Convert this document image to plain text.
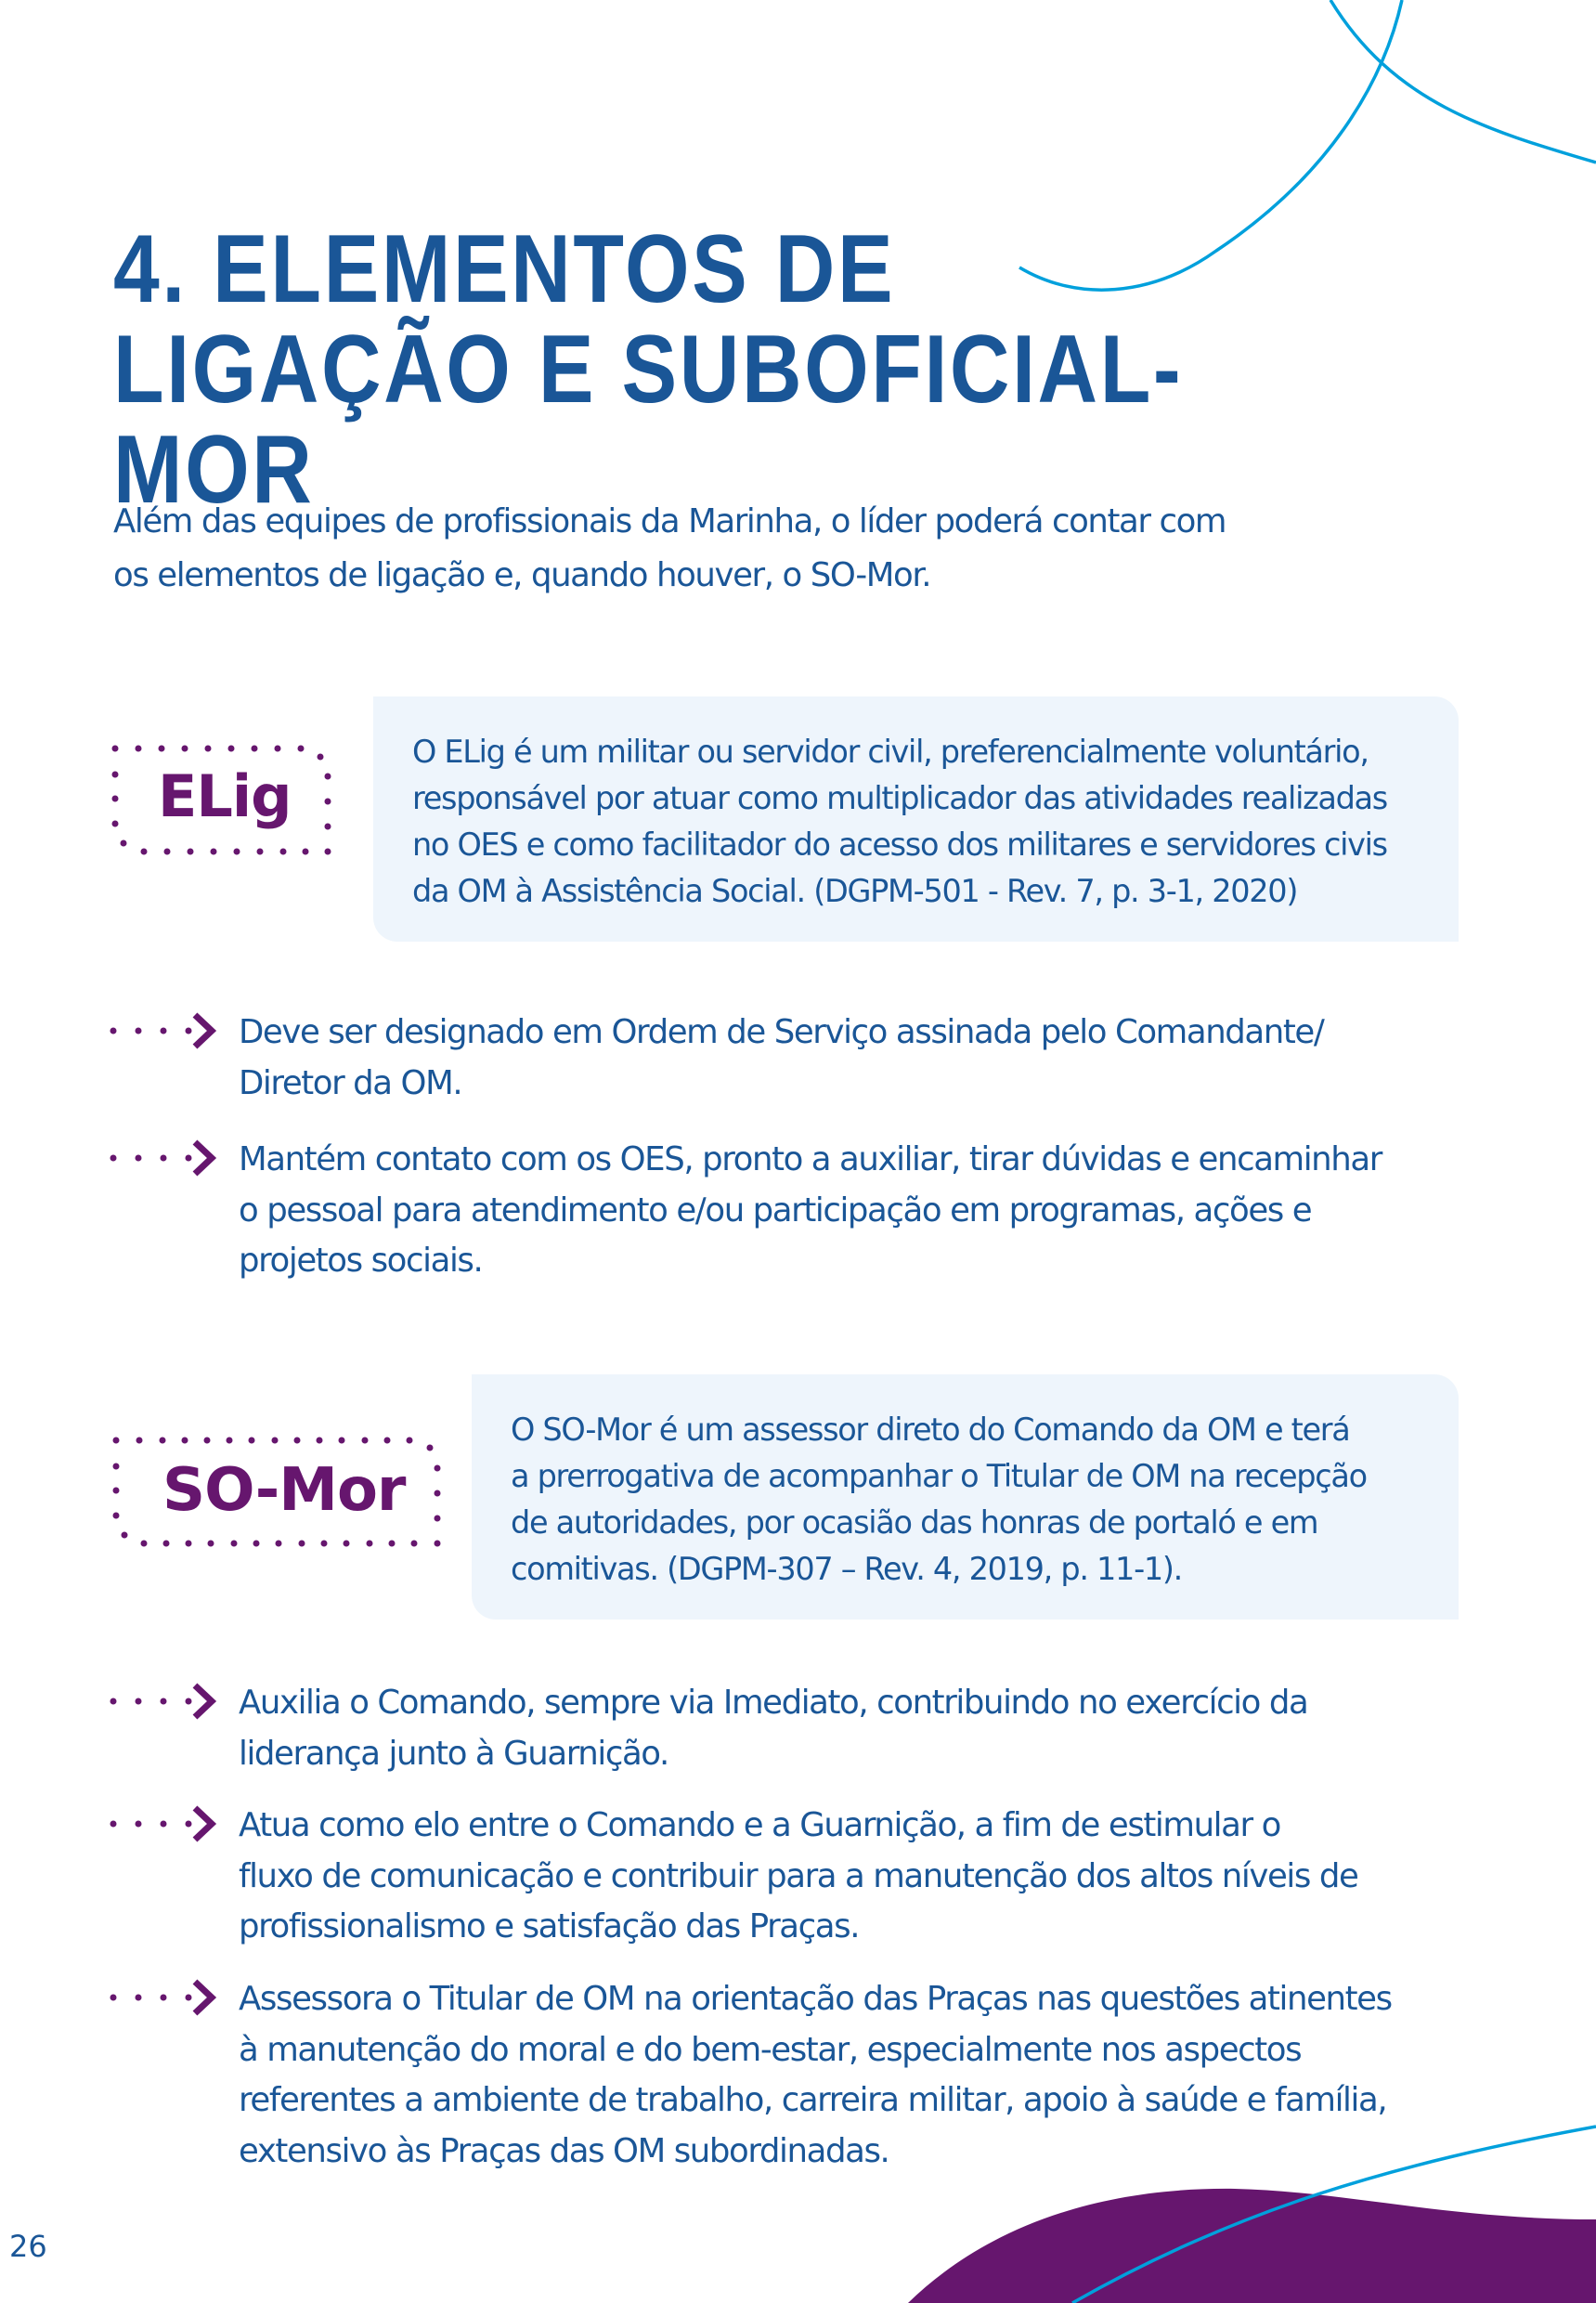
4. ELEMENTOS DE
LIGAÇÃO E SUBOFICIAL-MOR

Além das equipes de profissionais da Marinha, o líder poderá contar com
os elementos de ligação e, quando houver, o SO-Mor.

ELig
O ELig é um militar ou servidor civil, preferencialmente voluntário,
responsável por atuar como multiplicador das atividades realizadas
no OES e como facilitador do acesso dos militares e servidores civis
da OM à Assistência Social. (DGPM-501 - Rev. 7, p. 3-1, 2020)
Deve ser designado em Ordem de Serviço assinada pelo Comandante/
Diretor da OM.
Mantém contato com os OES, pronto a auxiliar, tirar dúvidas e encaminhar
o pessoal para atendimento e/ou participação em programas, ações e
projetos sociais.
SO-Mor
O SO-Mor é um assessor direto do Comando da OM e terá
a prerrogativa de acompanhar o Titular de OM na recepção
de autoridades, por ocasião das honras de portaló e em
comitivas. (DGPM-307 – Rev. 4, 2019, p. 11-1).
Auxilia o Comando, sempre via Imediato, contribuindo no exercício da
liderança junto à Guarnição.
Atua como elo entre o Comando e a Guarnição, a fim de estimular o
fluxo de comunicação e contribuir para a manutenção dos altos níveis de
profissionalismo e satisfação das Praças.
Assessora o Titular de OM na orientação das Praças nas questões atinentes
à manutenção do moral e do bem-estar, especialmente nos aspectos
referentes a ambiente de trabalho, carreira militar, apoio à saúde e família,
extensivo às Praças das OM subordinadas.
26
